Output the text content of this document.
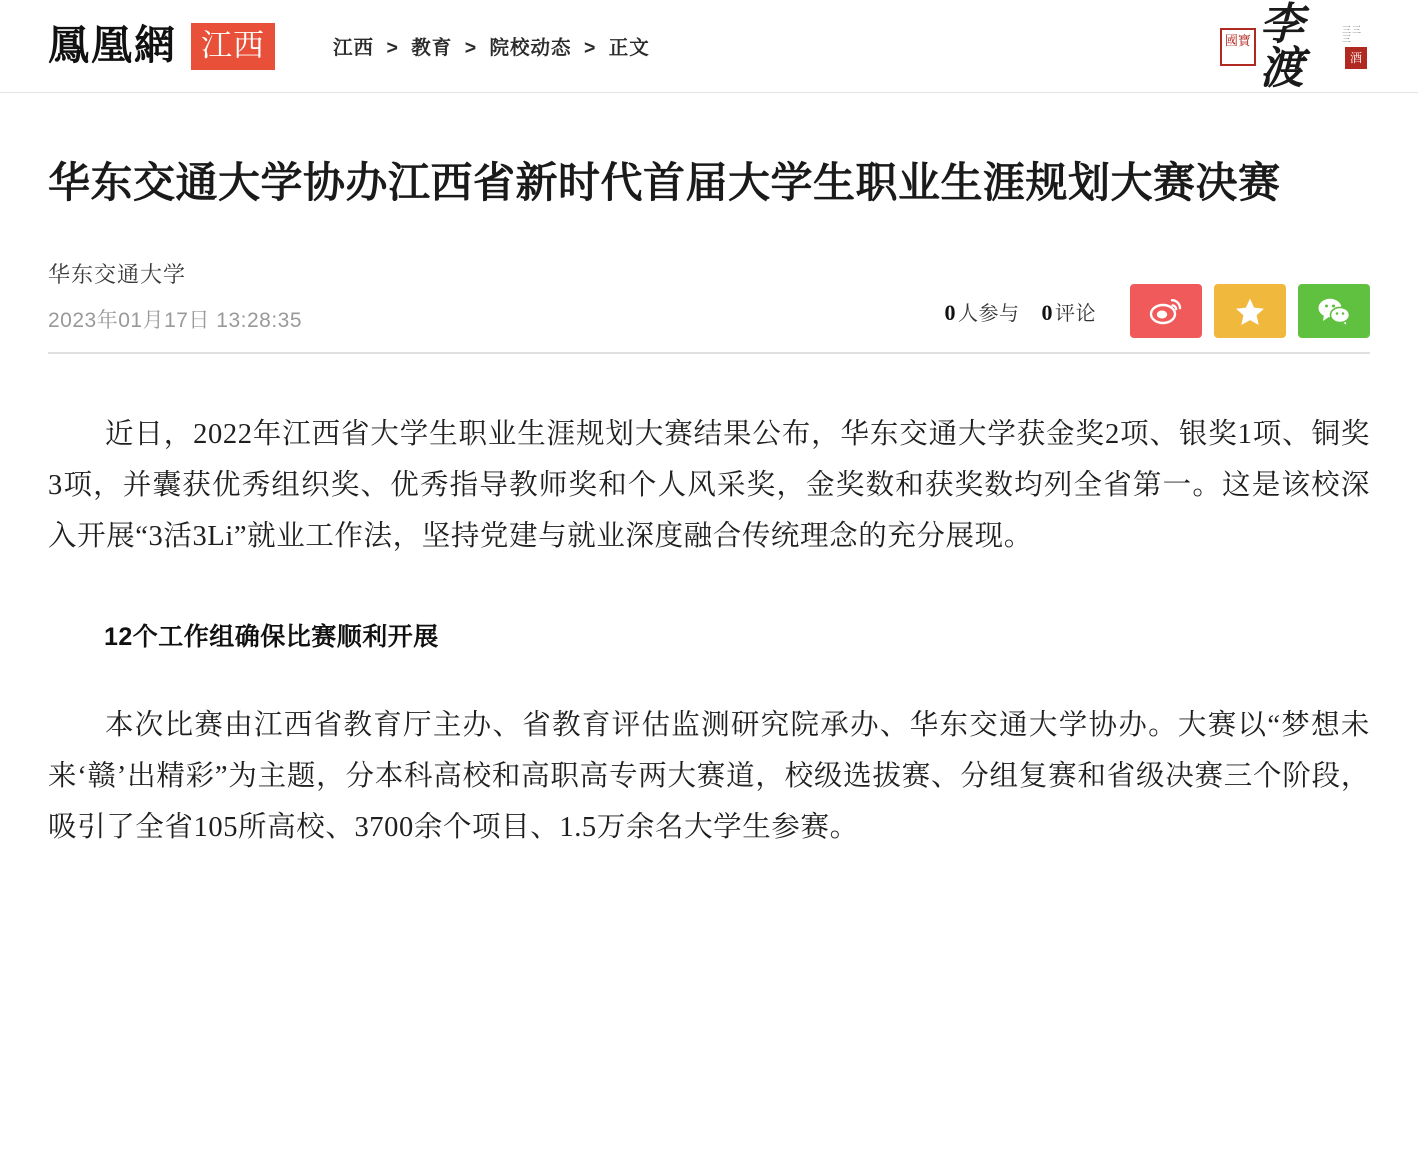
鳳凰網 江西	江西 > 教育 > 院校动态 > 正文	國寶 李渡
三三三
酒
华东交通大学协办江西省新时代首届大学生职业生涯规划大赛决赛
华东交通大学
2023年01月17日 13:28:35	0 人参与 0 评论

近日，2022年江西省大学生职业生涯规划大赛结果公布，华东交通大学获金奖2项、银奖1项、铜奖3项，并囊获优秀组织奖、优秀指导教师奖和个人风采奖，金奖数和获奖数均列全省第一。这是该校深入开展“3活3Li”就业工作法，坚持党建与就业深度融合传统理念的充分展现。

12个工作组确保比赛顺利开展

本次比赛由江西省教育厅主办、省教育评估监测研究院承办、华东交通大学协办。大赛以“梦想未来‘赣’出精彩”为主题，分本科高校和高职高专两大赛道，校级选拔赛、分组复赛和省级决赛三个阶段，吸引了全省105所高校、3700余个项目、1.5万余名大学生参赛。
